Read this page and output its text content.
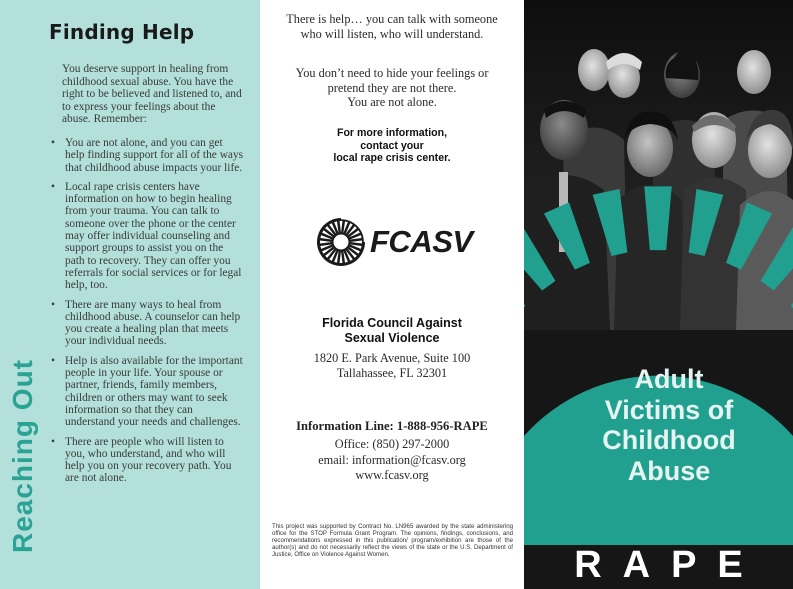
Reaching Out
Finding Help

You deserve support in healing from childhood sexual abuse. You have the right to be believed and listened to, and to express your feelings about the abuse. Remember:

• You are not alone, and you can get help finding support for all of the ways that childhood abuse impacts your life.
• Local rape crisis centers have information on how to begin healing from your trauma. You can talk to someone over the phone or the center may offer individual counseling and support groups to assist you on the path to recovery. They can offer you referrals for social services or for legal help, too.
• There are many ways to heal from childhood abuse. A counselor can help you create a healing plan that meets your individual needs.
• Help is also available for the important people in your life. Your spouse or partner, friends, family members, children or others may want to seek information so that they can understand your needs and challenges.
• There are people who will listen to you, who understand, and who will help you on your recovery path. You are not alone.

There is help… you can talk with someone
who will listen, who will understand.

You don’t need to hide your feelings or
pretend they are not there.
You are not alone.

For more information,
contact your
local rape crisis center.

FCASV

Florida Council Against
Sexual Violence

1820 E. Park Avenue, Suite 100
Tallahassee, FL 32301

Information Line: 1-888-956-RAPE

Office: (850) 297-2000
email: information@fcasv.org
www.fcasv.org

This project was supported by Contract No. LN965 awarded by the state administering office for the STOP Formula Grant Program. The opinions, findings, conclusions, and recommendations expressed in this publication/ program/exhibition are those of the author(s) and do not necessarily reflect the views of the state or the U.S. Department of Justice, Office on Violence Against Women.

Adult
Victims of
Childhood
Abuse

RAPE
